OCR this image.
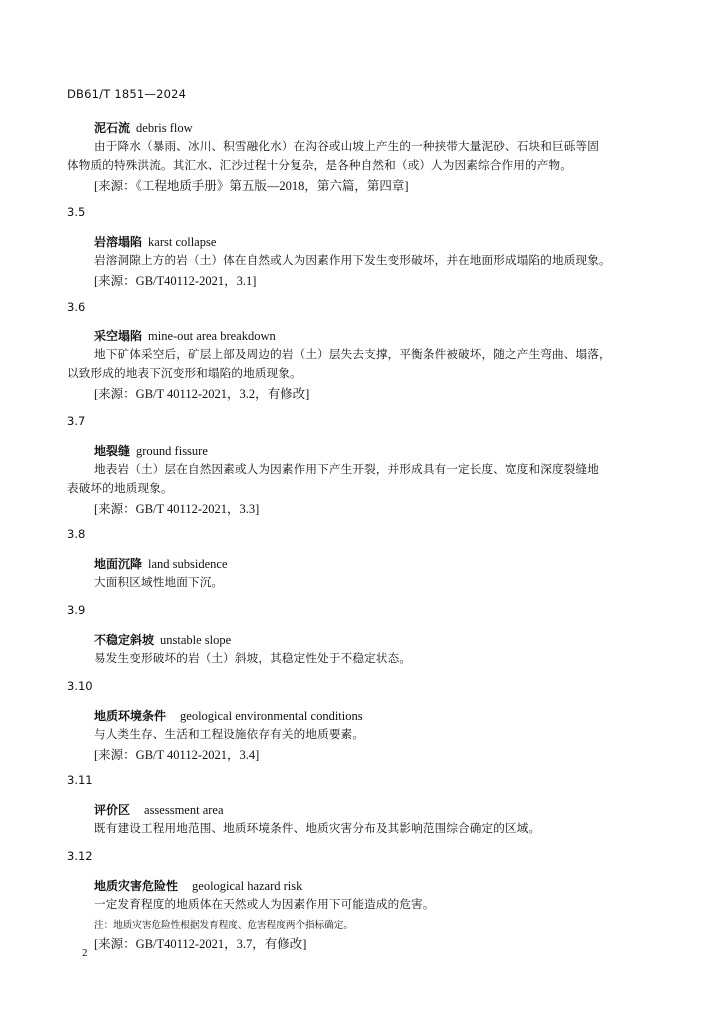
DB61/T 1851—2024
泥石流 debris flow
由于降水（暴雨、冰川、积雪融化水）在沟谷或山坡上产生的一种挟带大量泥砂、石块和巨砾等固
体物质的特殊洪流。其汇水、汇沙过程十分复杂，是各种自然和（或）人为因素综合作用的产物。
[来源：《工程地质手册》第五版—2018，第六篇，第四章]
3.5
岩溶塌陷 karst collapse
岩溶洞隙上方的岩（土）体在自然或人为因素作用下发生变形破坏，并在地面形成塌陷的地质现象。
[来源：GB/T40112-2021，3.1]
3.6
采空塌陷 mine-out area breakdown
地下矿体采空后，矿层上部及周边的岩（土）层失去支撑，平衡条件被破坏，随之产生弯曲、塌落，
以致形成的地表下沉变形和塌陷的地质现象。
[来源：GB/T 40112-2021，3.2，有修改]
3.7
地裂缝 ground fissure
地表岩（土）层在自然因素或人为因素作用下产生开裂，并形成具有一定长度、宽度和深度裂缝地
表破坏的地质现象。
[来源：GB/T 40112-2021，3.3]
3.8
地面沉降 land subsidence
大面积区域性地面下沉。
3.9
不稳定斜坡 unstable slope
易发生变形破坏的岩（土）斜坡，其稳定性处于不稳定状态。
3.10
地质环境条件 geological environmental conditions
与人类生存、生活和工程设施依存有关的地质要素。
[来源：GB/T 40112-2021，3.4]
3.11
评价区 assessment area
既有建设工程用地范围、地质环境条件、地质灾害分布及其影响范围综合确定的区域。
3.12
地质灾害危险性 geological hazard risk
一定发育程度的地质体在天然或人为因素作用下可能造成的危害。
注：地质灾害危险性根据发育程度、危害程度两个指标确定。
[来源：GB/T40112-2021，3.7，有修改]
2
